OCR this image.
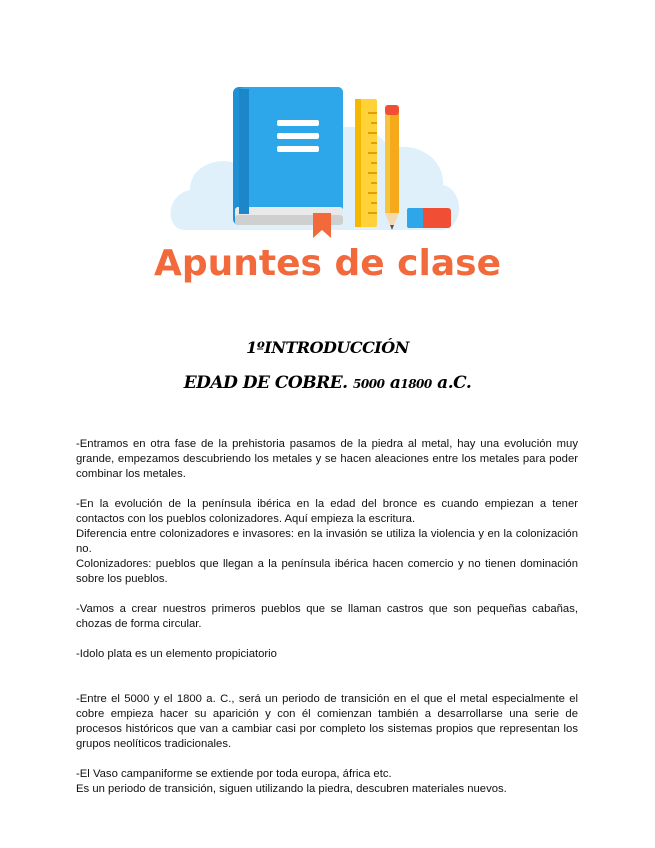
Apuntes de clase
1ºINTRODUCCIÓN
EDAD DE COBRE. 5000 a1800 a.C.

-Entramos en otra fase de la prehistoria pasamos de la piedra al metal, hay una evolución muy grande, empezamos descubriendo los metales y se hacen aleaciones entre los metales para poder combinar los metales.

-En la evolución de la península ibérica en la edad del bronce es cuando empiezan a tener contactos con los pueblos colonizadores. Aquí empieza la escritura.

Diferencia entre colonizadores e invasores: en la invasión se utiliza la violencia y en la colonización no.

Colonizadores: pueblos que llegan a la península ibérica hacen comercio y no tienen dominación sobre los pueblos.

-Vamos a crear nuestros primeros pueblos que se llaman castros que son pequeñas cabañas, chozas de forma circular.

-Idolo plata es un elemento propiciatorio

-Entre el 5000 y el 1800 a. C., será un periodo de transición en el que el metal especialmente el cobre empieza hacer su aparición y con él comienzan también a desarrollarse una serie de procesos históricos que van a cambiar casi por completo los sistemas propios que representan los grupos neolíticos tradicionales.

-El Vaso campaniforme se extiende por toda europa, áfrica etc.

Es un periodo de transición, siguen utilizando la piedra, descubren materiales nuevos.
